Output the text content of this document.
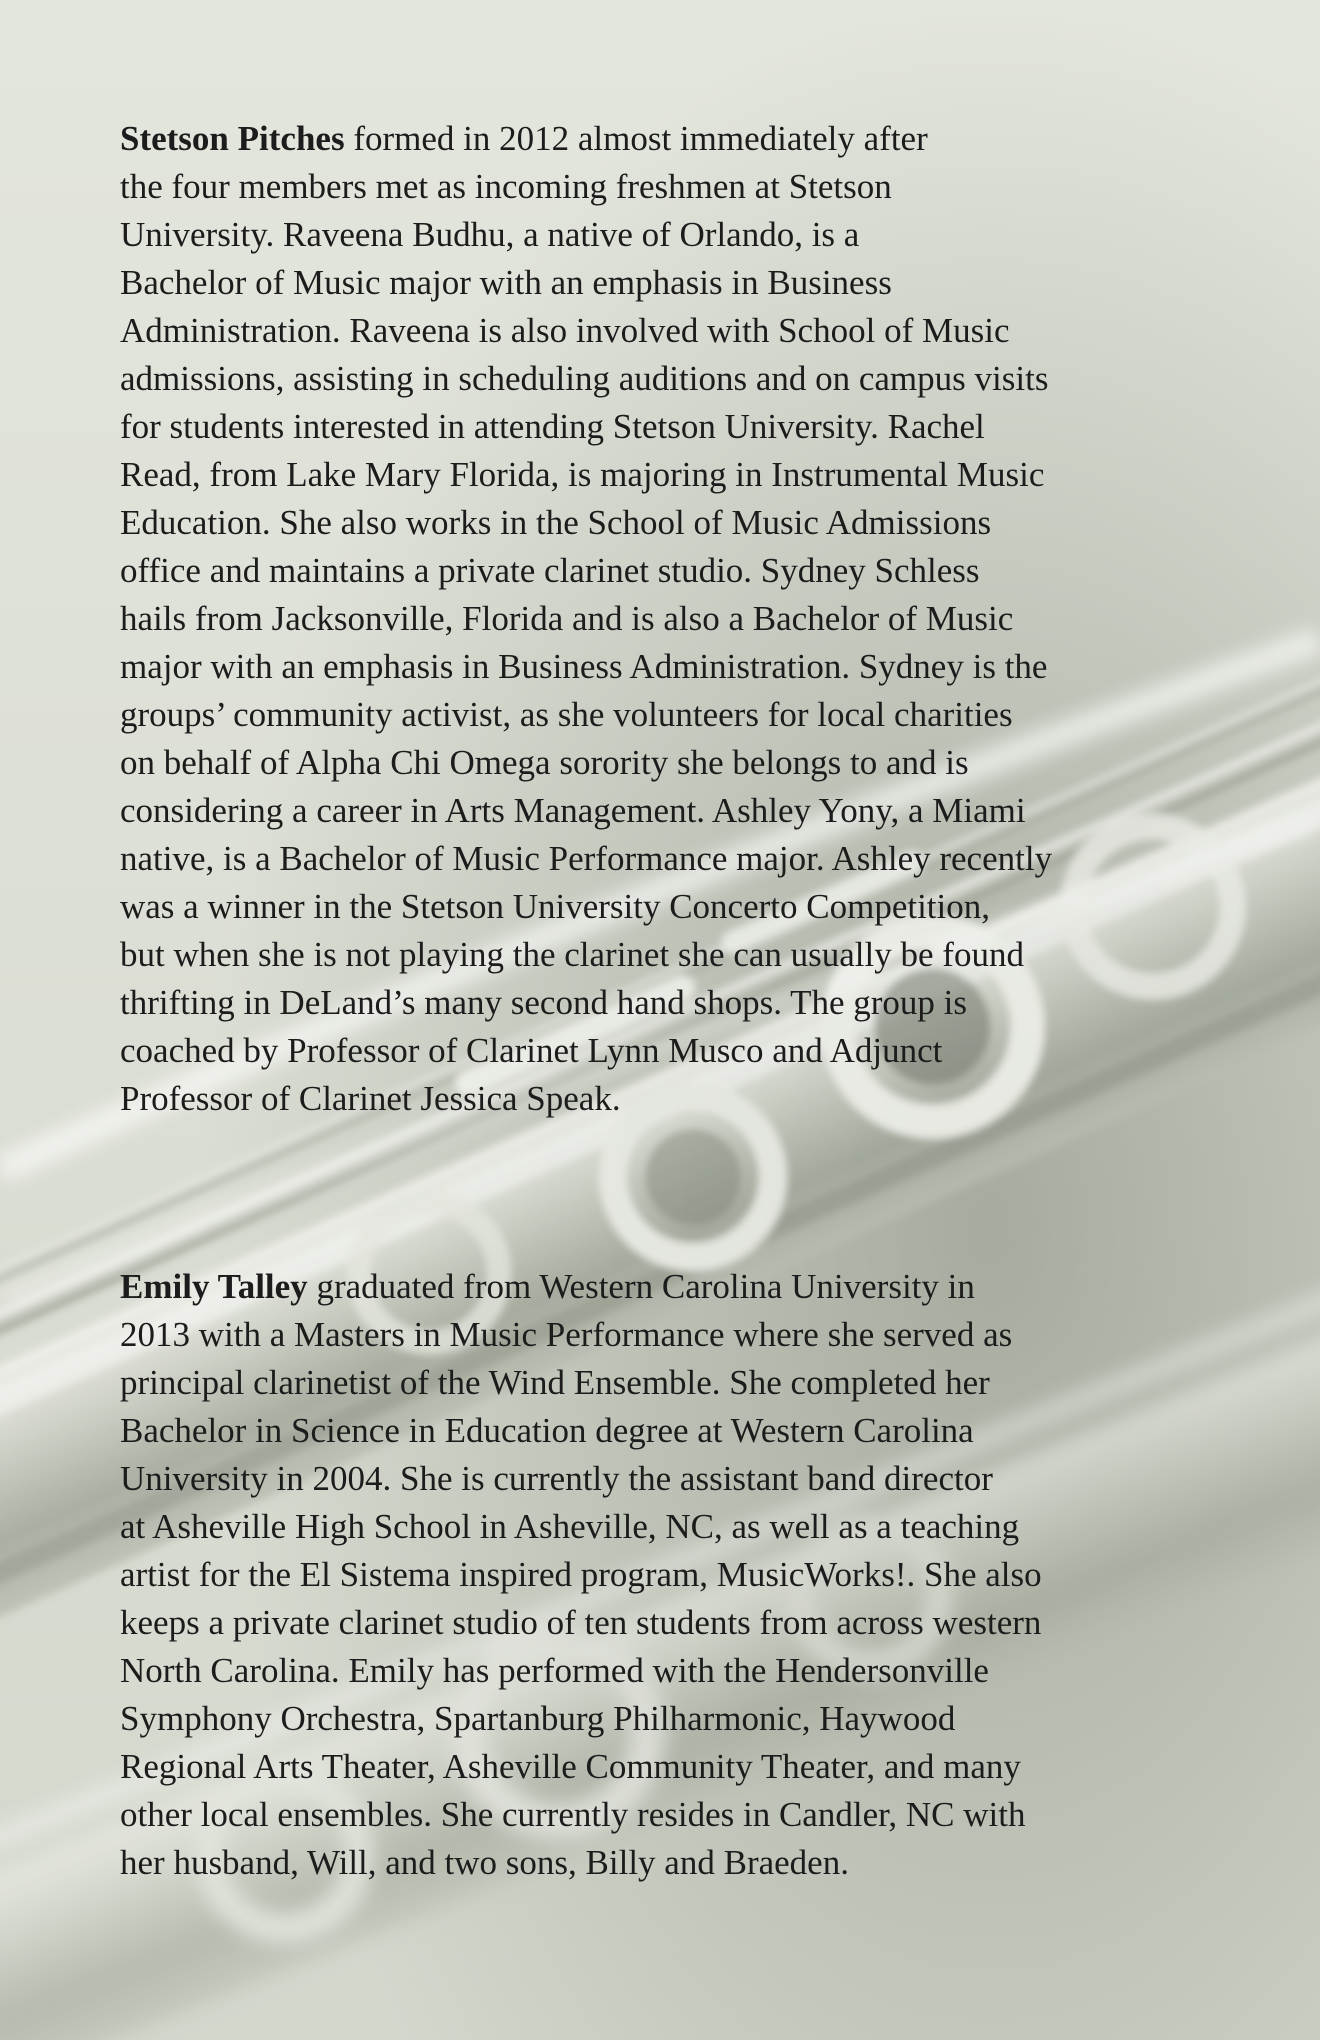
Stetson Pitches formed in 2012 almost immediately after
the four members met as incoming freshmen at Stetson
University. Raveena Budhu, a native of Orlando, is a
Bachelor of Music major with an emphasis in Business
Administration. Raveena is also involved with School of Music
admissions, assisting in scheduling auditions and on campus visits
for students interested in attending Stetson University. Rachel
Read, from Lake Mary Florida, is majoring in Instrumental Music
Education. She also works in the School of Music Admissions
office and maintains a private clarinet studio. Sydney Schless
hails from Jacksonville, Florida and is also a Bachelor of Music
major with an emphasis in Business Administration. Sydney is the
groups’ community activist, as she volunteers for local charities
on behalf of Alpha Chi Omega sorority she belongs to and is
considering a career in Arts Management. Ashley Yony, a Miami
native, is a Bachelor of Music Performance major. Ashley recently
was a winner in the Stetson University Concerto Competition,
but when she is not playing the clarinet she can usually be found
thrifting in DeLand’s many second hand shops. The group is
coached by Professor of Clarinet Lynn Musco and Adjunct
Professor of Clarinet Jessica Speak.

Emily Talley graduated from Western Carolina University in
2013 with a Masters in Music Performance where she served as
principal clarinetist of the Wind Ensemble. She completed her
Bachelor in Science in Education degree at Western Carolina
University in 2004. She is currently the assistant band director
at Asheville High School in Asheville, NC, as well as a teaching
artist for the El Sistema inspired program, MusicWorks!. She also
keeps a private clarinet studio of ten students from across western
North Carolina. Emily has performed with the Hendersonville
Symphony Orchestra, Spartanburg Philharmonic, Haywood
Regional Arts Theater, Asheville Community Theater, and many
other local ensembles. She currently resides in Candler, NC with
her husband, Will, and two sons, Billy and Braeden.
